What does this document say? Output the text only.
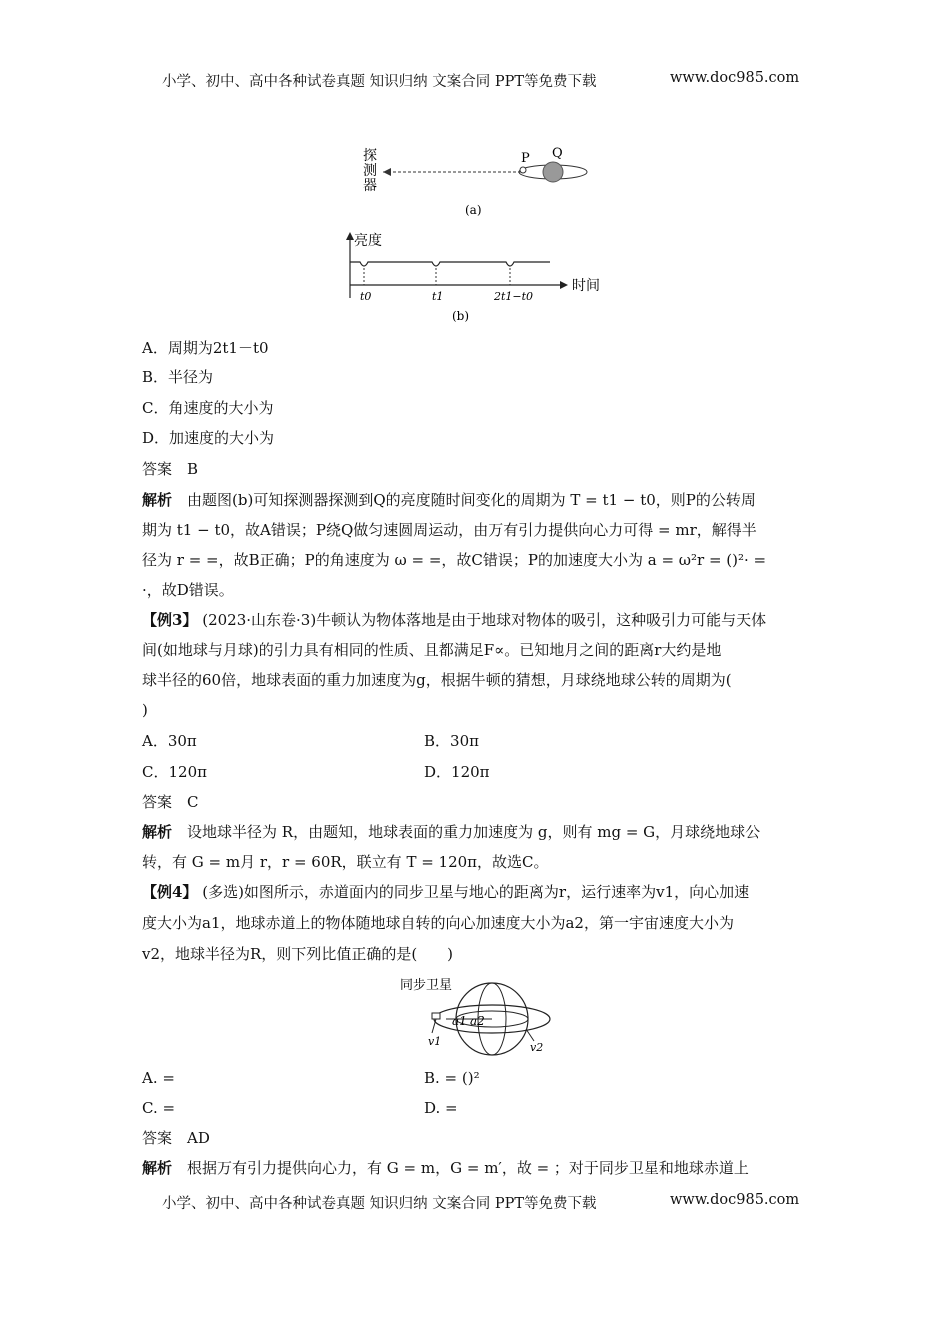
小学、初中、高中各种试卷真题 知识归纳 文案合同 PPT等免费下载	www.doc985.com
探
测
器
P Q
(a)
亮度
时间
t0	t1	2t1−t0
(b)
A．周期为2t1－t0
B．半径为
C．角速度的大小为
D．加速度的大小为
答案　 B
解析　 由题图(b)可知探测器探测到Q的亮度随时间变化的周期为 T = t1 − t0，则P的公转周
期为 t1 − t0，故A错误；P绕Q做匀速圆周运动，由万有引力提供向心力可得 = mr，解得半
径为 r = =，故B正确；P的角速度为 ω = =，故C错误；P的加速度大小为 a = ω²r = ()²· =
·，故D错误。
【例3】 (2023·山东卷·3)牛顿认为物体落地是由于地球对物体的吸引，这种吸引力可能与天体
间(如地球与月球)的引力具有相同的性质、且都满足F∝。已知地月之间的距离r大约是地
球半径的60倍，地球表面的重力加速度为g，根据牛顿的猜想，月球绕地球公转的周期为(
)
A．30π	B．30π
C．120π	D．120π
答案　 C
解析　 设地球半径为 R，由题知，地球表面的重力加速度为 g，则有 mg = G，月球绕地球公
转，有 G = m月 r，r = 60R，联立有 T = 120π，故选C。
【例4】 (多选)如图所示，赤道面内的同步卫星与地心的距离为r，运行速率为v1，向心加速
度大小为a1，地球赤道上的物体随地球自转的向心加速度大小为a2，第一宇宙速度大小为
v2，地球半径为R，则下列比值正确的是(　　)
同步卫星
a1 a2
v1	v2
A. =	B. = ()²
C. =	D. =
答案　 AD
解析　 根据万有引力提供向心力，有 G = m，G = m′，故 = ；对于同步卫星和地球赤道上
小学、初中、高中各种试卷真题 知识归纳 文案合同 PPT等免费下载	www.doc985.com
